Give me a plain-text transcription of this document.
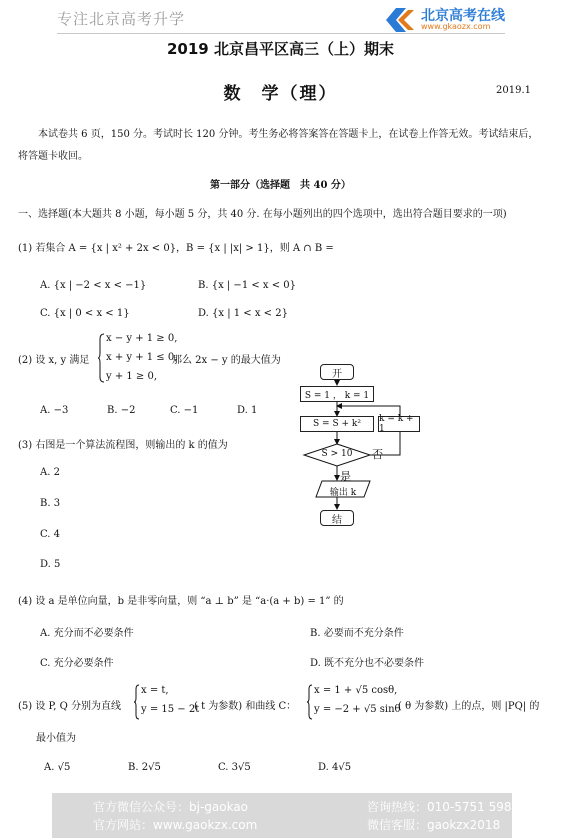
专注北京高考升学	北京高考在线
www.gkaozx.com
2019 北京昌平区高三（上）期末
数　学（理）	2019.1
本试卷共 6 页，150 分。考试时长 120 分钟。考生务必将答案答在答题卡上，在试卷上作答无效。考试结束后，将答题卡收回。
第一部分（选择题　共 40 分）
一、选择题(本大题共 8 小题，每小题 5 分，共 40 分. 在每小题列出的四个选项中，选出符合题目要求的一项)
(1) 若集合 A = {x | x² + 2x < 0}，B = {x | |x| > 1}，则 A ∩ B =
A. {x | −2 < x < −1}	B. {x | −1 < x < 0}
C. {x | 0 < x < 1}	D. {x | 1 < x < 2}
(2) 设 x, y 满足
x − y + 1 ≥ 0,
x + y + 1 ≤ 0,
y + 1 ≥ 0,
那么 2x − y 的最大值为
A. −3	B. −2	C. −1	D. 1
(3) 右图是一个算法流程图，则输出的 k 的值为
A. 2
B. 3
C. 4
D. 5
开
S = 1 ， k = 1
S = S + k²	k = k + 1
S > 10 否
是
输出 k
结
(4) 设 a 是单位向量，b 是非零向量，则 “a ⊥ b” 是 “a·(a + b) = 1” 的
A. 充分而不必要条件	B. 必要而不充分条件
C. 充分必要条件	D. 既不充分也不必要条件
(5) 设 P, Q 分别为直线
x = t,
y = 15 − 2t
( t 为参数) 和曲线 C：
x = 1 + √5 cosθ,
y = −2 + √5 sinθ
( θ 为参数) 上的点，则 |PQ| 的
最小值为
A. √5	B. 2√5	C. 3√5	D. 4√5
官方微信公众号：bj-gaokao	咨询热线：010-5751 5980
官方网站：www.gaokzx.com	微信客服：gaokzx2018
